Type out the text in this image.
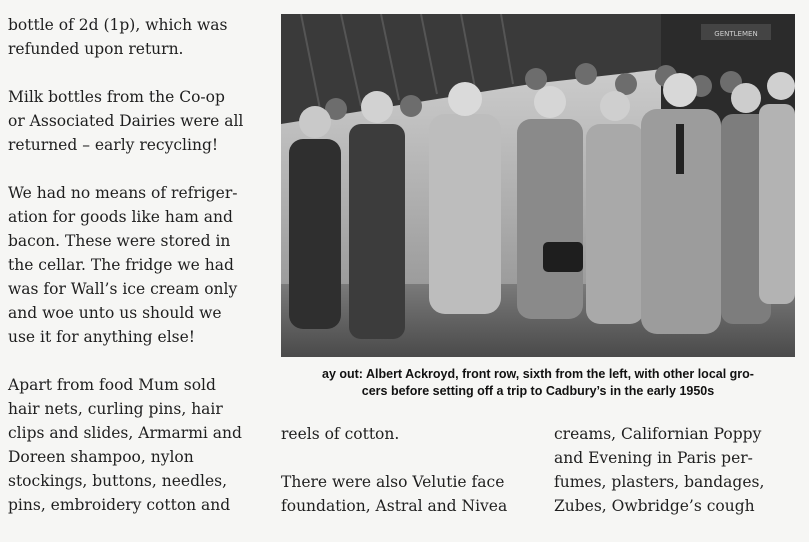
bottle of 2d (1p), which was
refunded upon return.

Milk bottles from the Co-op
or Associated Dairies were all
returned – early recycling!

We had no means of refriger-
ation for goods like ham and
bacon. These were stored in
the cellar. The fridge we had
was for Wall’s ice cream only
and woe unto us should we
use it for anything else!

Apart from food Mum sold
hair nets, curling pins, hair
clips and slides, Armarmi and
Doreen shampoo, nylon
stockings, buttons, needles,
pins, embroidery cotton and

GENTLEMEN
ay out: Albert Ackroyd, front row, sixth from the left, with other local gro-
cers before setting off a trip to Cadbury’s in the early 1950s

reels of cotton.

There were also Velutie face
foundation, Astral and Nivea

creams, Californian Poppy
and Evening in Paris per-
fumes, plasters, bandages,
Zubes, Owbridge’s cough
